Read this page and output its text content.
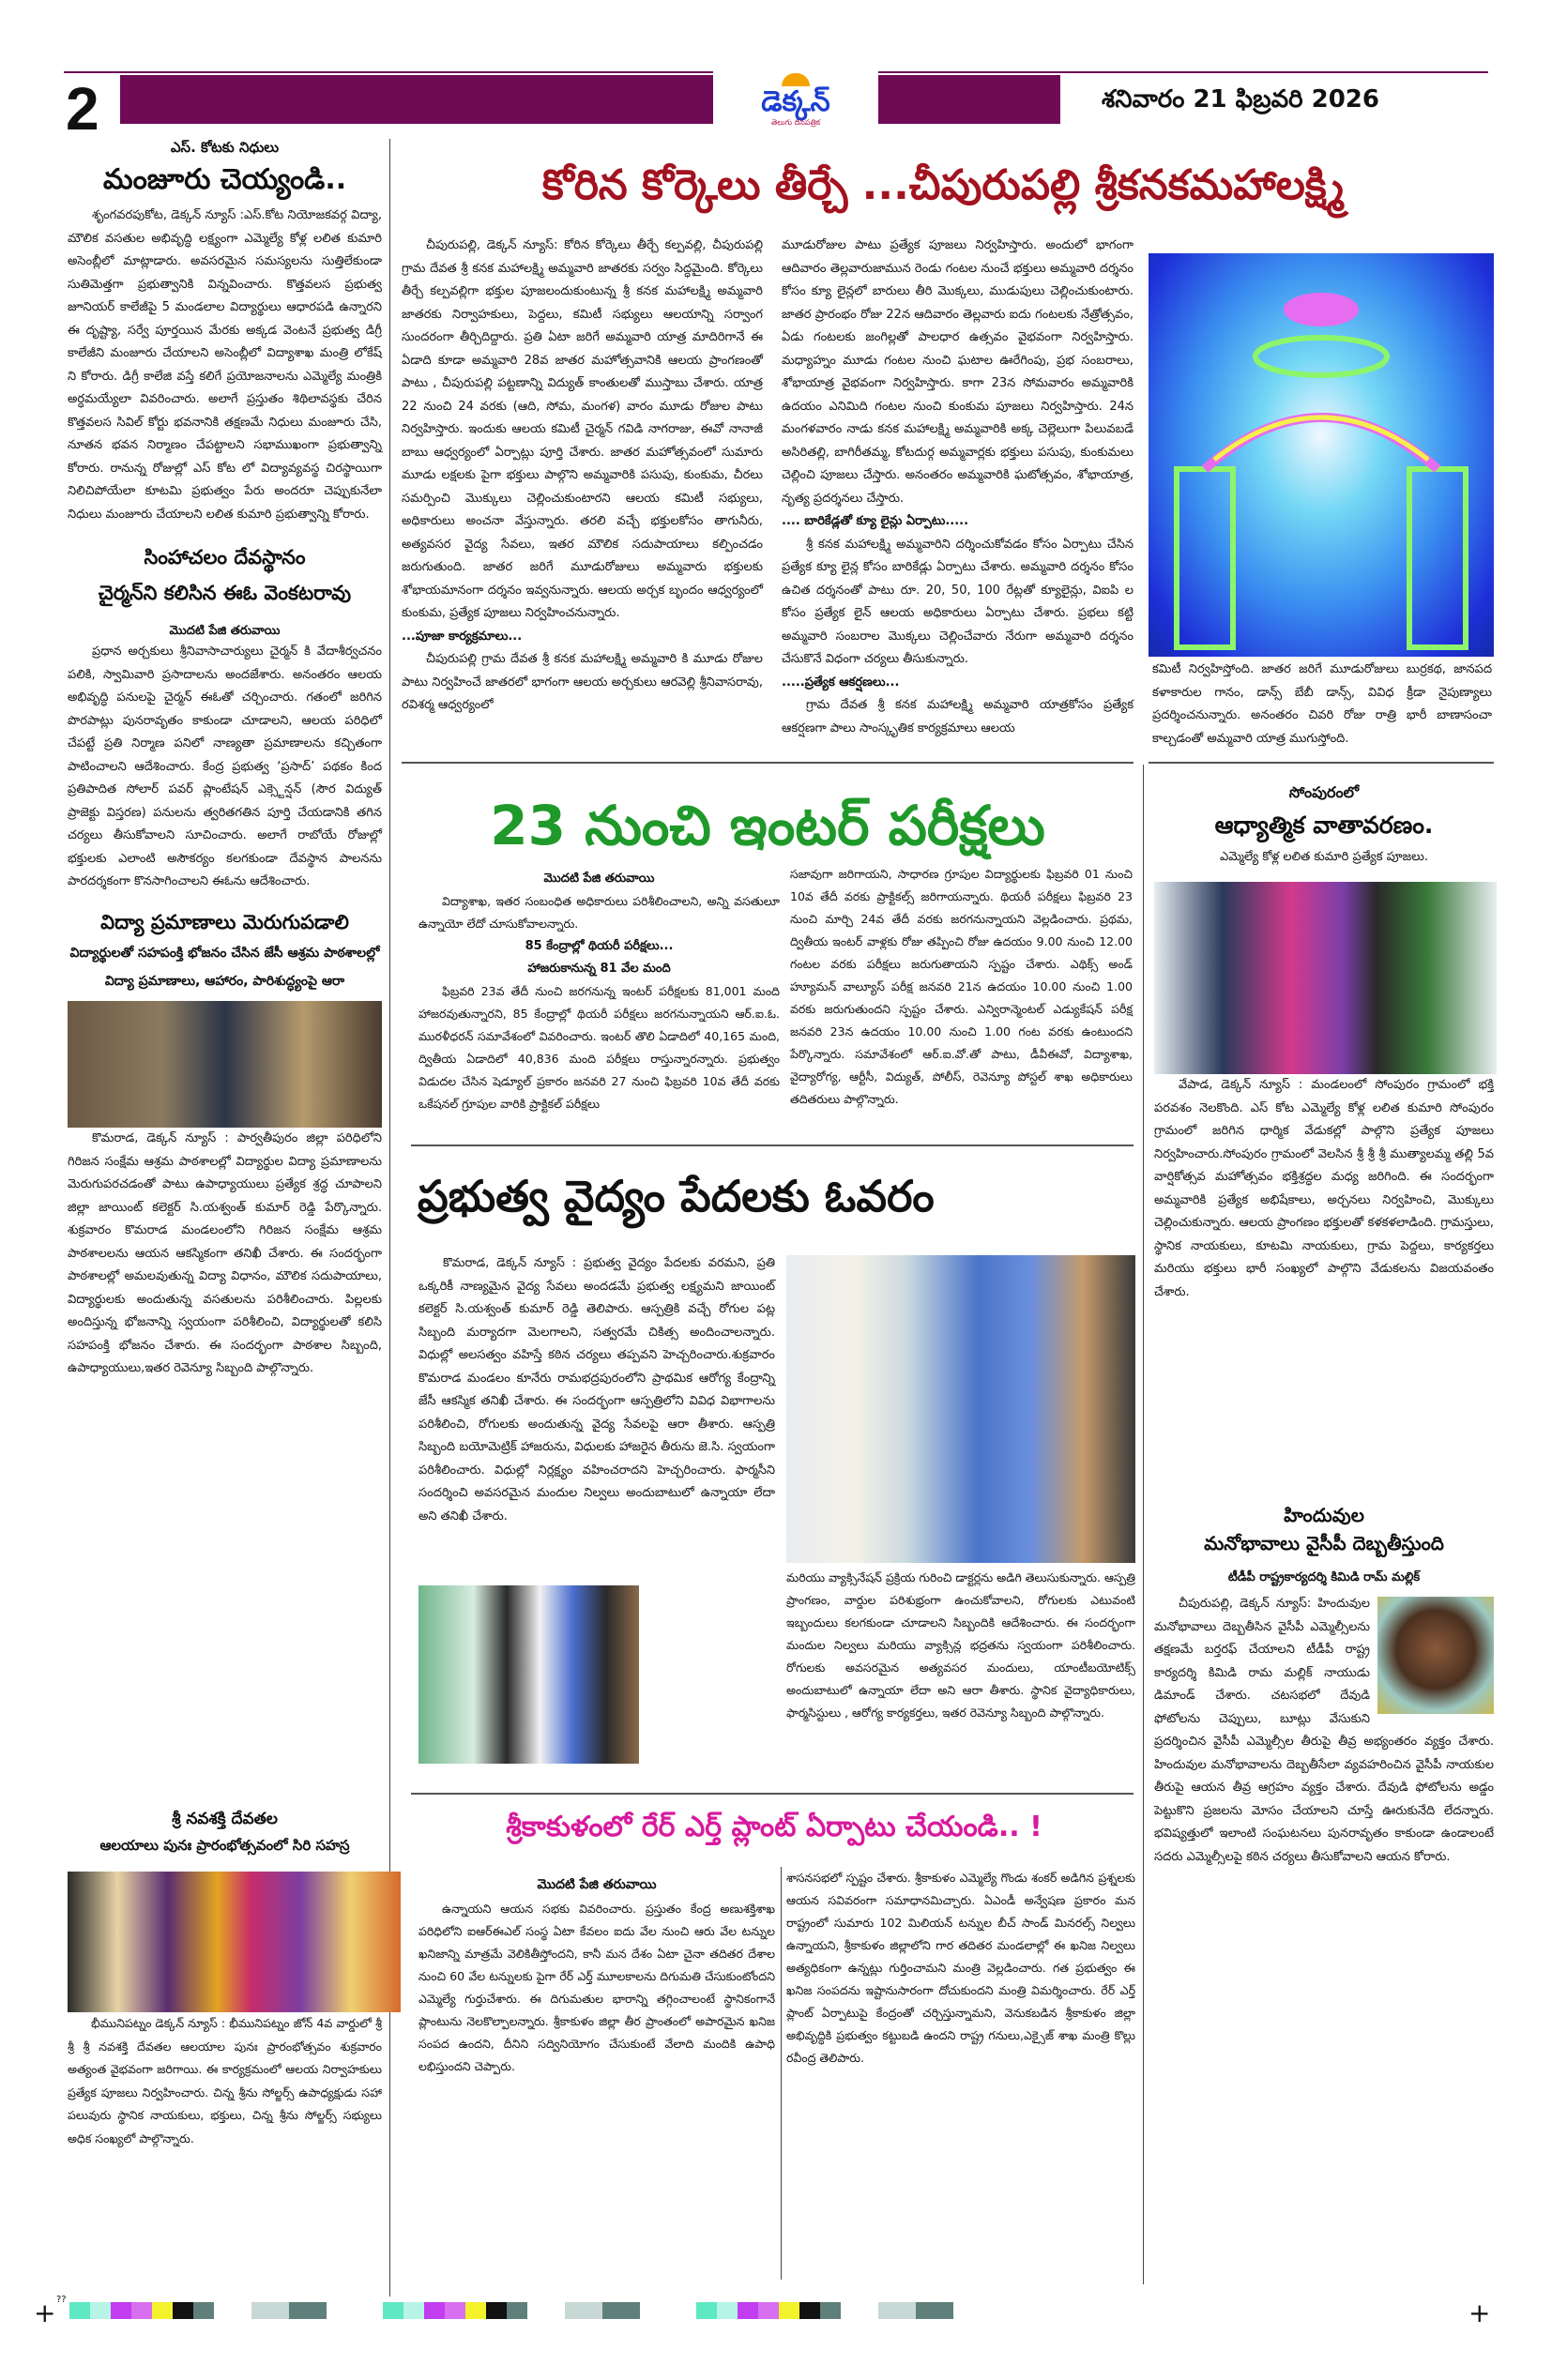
2	డెక్కన్
తెలుగు దినపత్రిక
శనివారం 21 ఫిబ్రవరి 2026
ఎస్. కోటకు నిధులు
మంజూరు చెయ్యండి..

శృంగవరపుకోట, డెక్కన్ న్యూస్ :ఎస్.కోట నియోజకవర్గ విద్యా, మౌలిక వసతుల అభివృద్ధి లక్ష్యంగా ఎమ్మెల్యే కోళ్ల లలిత కుమారి అసెంబ్లీలో మాట్లాడారు. అవసరమైన సమస్యలను సుత్తిలేకుండా సుతిమెత్తగా ప్రభుత్వానికి విన్నవించారు. కొత్తవలస ప్రభుత్వ జూనియర్ కాలేజీపై 5 మండలాల విద్యార్థులు ఆధారపడి ఉన్నారని ఈ దృష్ట్యా, సర్వే పూర్తయిన మేరకు అక్కడ వెంటనే ప్రభుత్వ డిగ్రీ కాలేజీని మంజూరు చేయాలని అసెంబ్లీలో విద్యాశాఖ మంత్రి లోకేష్ ని కోరారు. డిగ్రీ కాలేజి వస్తే కలిగే ప్రయోజనాలను ఎమ్మెల్యే మంత్రికి అర్ధమయ్యేలా వివరించారు. అలాగే ప్రస్తుతం శిథిలావస్థకు చేరిన కొత్తవలస సివిల్ కోర్టు భవనానికి తక్షణమే నిధులు మంజూరు చేసి, నూతన భవన నిర్మాణం చేపట్టాలని సభాముఖంగా ప్రభుత్వాన్ని కోరారు. రానున్న రోజుల్లో ఎస్ కోట లో విద్యావ్యవస్థ చిరస్థాయిగా నిలిచిపోయేలా కూటమి ప్రభుత్వం పేరు అందరూ చెప్పుకునేలా నిధులు మంజూరు చేయాలని లలిత కుమారి ప్రభుత్వాన్ని కోరారు.

సింహాచలం దేవస్థానం
చైర్మన్‌ని కలిసిన ఈఓ వెంకటరావు
మొదటి పేజి తరువాయి

ప్రధాన అర్చకులు శ్రీనివాసాచార్యులు చైర్మన్ కి వేదాశీర్వచనం పలికి, స్వామివారి ప్రసాదాలను అందజేశారు. అనంతరం ఆలయ అభివృద్ధి పనులపై చైర్మన్ ఈఓతో చర్చించారు. గతంలో జరిగిన పొరపాట్లు పునరావృతం కాకుండా చూడాలని, ఆలయ పరిధిలో చేపట్టే ప్రతి నిర్మాణ పనిలో నాణ్యతా ప్రమాణాలను కచ్చితంగా పాటించాలని ఆదేశించారు. కేంద్ర ప్రభుత్వ ‘ప్రసాద్’ పథకం కింద ప్రతిపాదిత సోలార్ పవర్ ప్లాంటేషన్ ఎక్స్టెన్షన్ (సౌర విద్యుత్ ప్రాజెక్టు విస్తరణ) పనులను త్వరితగతిన పూర్తి చేయడానికి తగిన చర్యలు తీసుకోవాలని సూచించారు. అలాగే రాబోయే రోజుల్లో భక్తులకు ఎలాంటి అసౌకర్యం కలగకుండా దేవస్థాన పాలనను పారదర్శకంగా కొనసాగించాలని ఈఓను ఆదేశించారు.

విద్యా ప్రమాణాలు మెరుగుపడాలి
విద్యార్థులతో సహపంక్తి భోజనం చేసిన జేసీ ఆశ్రమ పాఠశాలల్లో విద్యా ప్రమాణాలు, ఆహారం, పారిశుద్ధ్యంపై ఆరా

కొమరాడ, డెక్కన్ న్యూస్ : పార్వతీపురం జిల్లా పరిధిలోని గిరిజన సంక్షేమ ఆశ్రమ పాఠశాలల్లో విద్యార్థుల విద్యా ప్రమాణాలను మెరుగుపరచడంతో పాటు ఉపాధ్యాయులు ప్రత్యేక శ్రద్ధ చూపాలని జిల్లా జాయింట్ కలెక్టర్ సి.యశ్వంత్ కుమార్ రెడ్డి పేర్కొన్నారు. శుక్రవారం కొమరాడ మండలంలోని గిరిజన సంక్షేమ ఆశ్రమ పాఠశాలలను ఆయన ఆకస్మికంగా తనిఖీ చేశారు. ఈ సందర్భంగా పాఠశాలల్లో అమలవుతున్న విద్యా విధానం, మౌలిక సదుపాయాలు, విద్యార్థులకు అందుతున్న వసతులను పరిశీలించారు. పిల్లలకు అందిస్తున్న భోజనాన్ని స్వయంగా పరిశీలించి, విద్యార్థులతో కలిసి సహపంక్తి భోజనం చేశారు. ఈ సందర్భంగా పాఠశాల సిబ్బంది, ఉపాధ్యాయులు,ఇతర రెవెన్యూ సిబ్బంది పాల్గొన్నారు.

శ్రీ నవశక్తి దేవతల
ఆలయాలు పునః ప్రారంభోత్సవంలో సిరి సహస్ర

భీమునిపట్నం డెక్కన్ న్యూస్ : భీమునిపట్నం జోన్ 4వ వార్డులో శ్రీ శ్రీ శ్రీ నవశక్తి దేవతల ఆలయాల పునః ప్రారంభోత్సవం శుక్రవారం అత్యంత వైభవంగా జరిగాయి. ఈ కార్యక్రమంలో ఆలయ నిర్వాహకులు ప్రత్యేక పూజలు నిర్వహించారు. చిన్న శ్రీను సోల్జర్స్ ఉపాధ్యక్షుడు సహా పలువురు స్థానిక నాయకులు, భక్తులు, చిన్న శ్రీను సోల్జర్స్ సభ్యులు అధిక సంఖ్యలో పాల్గొన్నారు.

కోరిన కోర్కెలు తీర్చే ...చీపురుపల్లి శ్రీకనకమహాలక్ష్మి

చీపురుపల్లి, డెక్కన్ న్యూస్: కోరిన కోర్కెలు తీర్చే కల్పవల్లి, చీపురుపల్లి గ్రామ దేవత శ్రీ కనక మహాలక్ష్మి అమ్మవారి జాతరకు సర్వం సిద్ధమైంది. కోర్కెలు తీర్చే కల్పవల్లిగా భక్తుల పూజలందుకుంటున్న శ్రీ కనక మహాలక్ష్మి అమ్మవారి జాతరకు నిర్వాహకులు, పెద్దలు, కమిటీ సభ్యులు ఆలయాన్ని సర్వాంగ సుందరంగా తీర్చిదిద్దారు. ప్రతి ఏటా జరిగే అమ్మవారి యాత్ర మాదిరిగానే ఈ ఏడాది కూడా అమ్మవారి 28వ జాతర మహోత్సవానికి ఆలయ ప్రాంగణంతో పాటు , చీపురుపల్లి పట్టణాన్ని విద్యుత్ కాంతులతో ముస్తాబు చేశారు. యాత్ర 22 నుంచి 24 వరకు (ఆది, సోమ, మంగళ) వారం మూడు రోజుల పాటు నిర్వహిస్తారు. ఇందుకు ఆలయ కమిటీ చైర్మన్ గవిడి నాగరాజు, ఈవో నానాజీ బాబు ఆధ్వర్యంలో ఏర్పాట్లు పూర్తి చేశారు. జాతర మహోత్సవంలో సుమారు మూడు లక్షలకు పైగా భక్తులు పాల్గొని అమ్మవారికి పసుపు, కుంకుమ, చీరలు సమర్పించి మొక్కులు చెల్లించుకుంటారని ఆలయ కమిటీ సభ్యులు, అధికారులు అంచనా వేస్తున్నారు. తరలి వచ్చే భక్తులకోసం తాగునీరు, అత్యవసర వైద్య సేవలు, ఇతర మౌలిక సదుపాయాలు కల్పించడం జరుగుతుంది. జాతర జరిగే మూడురోజులు అమ్మవారు భక్తులకు శోభాయమానంగా దర్శనం ఇవ్వనున్నారు. ఆలయ అర్చక బృందం ఆధ్వర్యంలో కుంకుమ, ప్రత్యేక పూజలు నిర్వహించనున్నారు.

...పూజా కార్యక్రమాలు...

చీపురుపల్లి గ్రామ దేవత శ్రీ కనక మహాలక్ష్మి అమ్మవారి కి మూడు రోజుల పాటు నిర్వహించే జాతరలో భాగంగా ఆలయ అర్చకులు ఆరవెల్లి శ్రీనివాసరావు, రవిశర్మ ఆధ్వర్యంలో

మూడురోజుల పాటు ప్రత్యేక పూజలు నిర్వహిస్తారు. అందులో భాగంగా ఆదివారం తెల్లవారుజామున రెండు గంటల నుంచే భక్తులు అమ్మవారి దర్శనం కోసం క్యూ లైన్లలో బారులు తీరి మొక్కలు, ముడుపులు చెల్లించుకుంటారు. జాతర ప్రారంభం రోజు 22న ఆదివారం తెల్లవారు ఐదు గంటలకు నేత్రోత్సవం, ఏడు గంటలకు జంగిల్లతో పాలధార ఉత్సవం వైభవంగా నిర్వహిస్తారు. మధ్యాహ్నం మూడు గంటల నుంచి ఘటాల ఊరేగింపు, ప్రభ సంబరాలు, శోభాయాత్ర వైభవంగా నిర్వహిస్తారు. కాగా 23న సోమవారం అమ్మవారికి ఉదయం ఎనిమిది గంటల నుంచి కుంకుమ పూజలు నిర్వహిస్తారు. 24న మంగళవారం నాడు కనక మహాలక్ష్మి అమ్మవారికి అక్క చెల్లెలుగా పిలువబడే అసిరితల్లి, బాగిరీతమ్మ, కోటదుర్గ అమ్మవార్లకు భక్తులు పసుపు, కుంకుమలు చెల్లించి పూజలు చేస్తారు. అనంతరం అమ్మవారికి ఘటోత్సవం, శోభాయాత్ర, నృత్య ప్రదర్శనలు చేస్తారు.

.... బారికేడ్లతో క్యూ లైన్లు ఏర్పాటు.....

శ్రీ కనక మహాలక్ష్మి అమ్మవారిని దర్శించుకోవడం కోసం ఏర్పాటు చేసిన ప్రత్యేక క్యూ లైన్ల కోసం బారికేడ్లు ఏర్పాటు చేశారు. అమ్మవారి దర్శనం కోసం ఉచిత దర్శనంతో పాటు రూ. 20, 50, 100 రేట్లతో క్యూలైన్లు, విఐపి ల కోసం ప్రత్యేక లైన్ ఆలయ అధికారులు ఏర్పాటు చేశారు. ప్రభలు కట్టి అమ్మవారి సంబరాల మొక్కలు చెల్లించేవారు నేరుగా అమ్మవారి దర్శనం చేసుకొనే విధంగా చర్యలు తీసుకున్నారు.

.....ప్రత్యేక ఆకర్షణలు...

గ్రామ దేవత శ్రీ కనక మహాలక్ష్మి అమ్మవారి యాత్రకోసం ప్రత్యేక ఆకర్షణగా పాలు సాంస్కృతిక కార్యక్రమాలు ఆలయ

కమిటీ నిర్వహిస్తోంది. జాతర జరిగే మూడురోజులు బుర్రకథ, జానపద కళాకారుల గానం, డాన్స్ బేబీ డాన్స్, వివిధ క్రీడా నైపుణ్యాలు ప్రదర్శించనున్నారు. అనంతరం చివరి రోజు రాత్రి భారీ బాణాసంచా కాల్చడంతో అమ్మవారి యాత్ర ముగుస్తోంది.

23 నుంచి ఇంటర్ పరీక్షలు
మొదటి పేజి తరువాయి

విద్యాశాఖ, ఇతర సంబంధిత అధికారులు పరిశీలించాలని, అన్ని వసతులూ ఉన్నాయో లేదో చూసుకోవాలన్నారు.

85 కేంద్రాల్లో థియరీ పరీక్షలు...
హాజరుకానున్న 81 వేల మంది

ఫిబ్రవరి 23వ తేదీ నుంచి జరగనున్న ఇంటర్ పరీక్షలకు 81,001 మంది హాజరవుతున్నారని, 85 కేంద్రాల్లో థియరీ పరీక్షలు జరగనున్నాయని ఆర్.ఐ.ఓ. మురళీధరన్ సమావేశంలో వివరించారు. ఇంటర్ తొలి ఏడాదిలో 40,165 మంది, ద్వితీయ ఏడాదిలో 40,836 మంది పరీక్షలు రాస్తున్నారన్నారు. ప్రభుత్వం విడుదల చేసిన షెడ్యూల్ ప్రకారం జనవరి 27 నుంచి ఫిబ్రవరి 10వ తేదీ వరకు ఒకేషనల్ గ్రూపుల వారికి ప్రాక్టికల్ పరీక్షలు

సజావుగా జరిగాయని, సాధారణ గ్రూపుల విద్యార్థులకు ఫిబ్రవరి 01 నుంచి 10వ తేదీ వరకు ప్రాక్టికల్స్ జరిగాయన్నారు. థియరీ పరీక్షలు ఫిబ్రవరి 23 నుంచి మార్చి 24వ తేదీ వరకు జరగనున్నాయని వెల్లడించారు. ప్రథమ, ద్వితీయ ఇంటర్ వాళ్లకు రోజు తప్పించి రోజు ఉదయం 9.00 నుంచి 12.00 గంటల వరకు పరీక్షలు జరుగుతాయని స్పష్టం చేశారు. ఎథిక్స్ అండ్ హ్యూమన్ వాల్యూస్ పరీక్ష జనవరి 21న ఉదయం 10.00 నుంచి 1.00 వరకు జరుగుతుందని స్పష్టం చేశారు. ఎన్విరాన్మెంటల్ ఎడ్యుకేషన్ పరీక్ష జనవరి 23న ఉదయం 10.00 నుంచి 1.00 గంట వరకు ఉంటుందని పేర్కొన్నారు. సమావేశంలో ఆర్.ఐ.వో.తో పాటు, డీవీఈవో, విద్యాశాఖ, వైద్యారోగ్య, ఆర్టీసీ, విద్యుత్, పోలీస్, రెవెన్యూ పోస్టల్ శాఖ అధికారులు తదితరులు పాల్గొన్నారు.

ప్రభుత్వ వైద్యం పేదలకు ఓవరం

కొమరాడ, డెక్కన్ న్యూస్ : ప్రభుత్వ వైద్యం పేదలకు వరమని, ప్రతి ఒక్కరికీ నాణ్యమైన వైద్య సేవలు అందడమే ప్రభుత్వ లక్ష్యమని జాయింట్ కలెక్టర్ సి.యశ్వంత్ కుమార్ రెడ్డి తెలిపారు. ఆస్పత్రికి వచ్చే రోగుల పట్ల సిబ్బంది మర్యాదగా మెలగాలని, సత్వరమే చికిత్స అందించాలన్నారు. విధుల్లో అలసత్వం వహిస్తే కఠిన చర్యలు తప్పవని హెచ్చరించారు.శుక్రవారం కొమరాడ మండలం కూనేరు రామభద్రపురంలోని ప్రాథమిక ఆరోగ్య కేంద్రాన్ని జేసీ ఆకస్మిక తనిఖీ చేశారు. ఈ సందర్భంగా ఆస్పత్రిలోని వివిధ విభాగాలను పరిశీలించి, రోగులకు అందుతున్న వైద్య సేవలపై ఆరా తీశారు. ఆస్పత్రి సిబ్బంది బయోమెట్రిక్ హాజరును, విధులకు హాజరైన తీరును జె.సి. స్వయంగా పరిశీలించారు. విధుల్లో నిర్లక్ష్యం వహించరాదని హెచ్చరించారు. ఫార్మసీని సందర్శించి అవసరమైన మందుల నిల్వలు అందుబాటులో ఉన్నాయా లేదా అని తనిఖీ చేశారు.

మరియు వ్యాక్సినేషన్ ప్రక్రియ గురించి డాక్టర్లను అడిగి తెలుసుకున్నారు. ఆస్పత్రి ప్రాంగణం, వార్డుల పరిశుభ్రంగా ఉంచుకోవాలని, రోగులకు ఎటువంటి ఇబ్బందులు కలగకుండా చూడాలని సిబ్బందికి ఆదేశించారు. ఈ సందర్భంగా మందుల నిల్వలు మరియు వ్యాక్సిన్ల భద్రతను స్వయంగా పరిశీలించారు. రోగులకు అవసరమైన అత్యవసర మందులు, యాంటీబయోటిక్స్ అందుబాటులో ఉన్నాయా లేదా అని ఆరా తీశారు. స్థానిక వైద్యాధికారులు, ఫార్మసిస్టులు , ఆరోగ్య కార్యకర్తలు, ఇతర రెవెన్యూ సిబ్బంది పాల్గొన్నారు.

శ్రీకాకుళంలో రేర్ ఎర్త్ ప్లాంట్ ఏర్పాటు చేయండి.. !
మొదటి పేజి తరువాయి

ఉన్నాయని ఆయన సభకు వివరించారు. ప్రస్తుతం కేంద్ర అణుశక్తిశాఖ పరిధిలోని ఐఆర్ఈఎల్ సంస్థ ఏటా కేవలం ఐదు వేల నుంచి ఆరు వేల టన్నుల ఖనిజాన్ని మాత్రమే వెలికితీస్తోందని, కానీ మన దేశం ఏటా చైనా తదితర దేశాల నుంచి 60 వేల టన్నులకు పైగా రేర్ ఎర్త్ మూలకాలను దిగుమతి చేసుకుంటోందని ఎమ్మెల్యే గుర్తుచేశారు. ఈ దిగుమతుల భారాన్ని తగ్గించాలంటే స్థానికంగానే ప్లాంటును నెలకొల్పాలన్నారు. శ్రీకాకుళం జిల్లా తీర ప్రాంతంలో అపారమైన ఖనిజ సంపద ఉందని, దీనిని సద్వినియోగం చేసుకుంటే వేలాది మందికి ఉపాధి లభిస్తుందని చెప్పారు.

శాసనసభలో స్పష్టం చేశారు. శ్రీకాకుళం ఎమ్మెల్యే గొండు శంకర్ అడిగిన ప్రశ్నలకు ఆయన సవివరంగా సమాధానమిచ్చారు. ఏఎండీ అన్వేషణ ప్రకారం మన రాష్ట్రంలో సుమారు 102 మిలియన్ టన్నుల బీచ్ సాండ్ మినరల్స్ నిల్వలు ఉన్నాయని, శ్రీకాకుళం జిల్లాలోని గార తదితర మండలాల్లో ఈ ఖనిజ నిల్వలు అత్యధికంగా ఉన్నట్లు గుర్తించామని మంత్రి వెల్లడించారు. గత ప్రభుత్వం ఈ ఖనిజ సంపదను ఇష్టానుసారంగా దోచుకుందని మంత్రి విమర్శించారు. రేర్ ఎర్త్ ప్లాంట్ ఏర్పాటుపై కేంద్రంతో చర్చిస్తున్నామని, వెనుకబడిన శ్రీకాకుళం జిల్లా అభివృద్ధికి ప్రభుత్వం కట్టుబడి ఉందని రాష్ట్ర గనులు,ఎక్సైజ్ శాఖ మంత్రి కొల్లు రవీంద్ర తెలిపారు.

సోంపురంలో
ఆధ్యాత్మిక వాతావరణం.
ఎమ్మెల్యే కోళ్ల లలిత కుమారి ప్రత్యేక పూజలు.

వేపాడ, డెక్కన్ న్యూస్ : మండలంలో సోంపురం గ్రామంలో భక్తి పరవశం నెలకొంది. ఎస్ కోట ఎమ్మెల్యే కోళ్ల లలిత కుమారి సోంపురం గ్రామంలో జరిగిన ధార్మిక వేడుకల్లో పాల్గొని ప్రత్యేక పూజలు నిర్వహించారు.సోంపురం గ్రామంలో వెలసిన శ్రీ శ్రీ శ్రీ ముత్యాలమ్మ తల్లి 5వ వార్షికోత్సవ మహోత్సవం భక్తిశ్రద్ధల మధ్య జరిగింది. ఈ సందర్భంగా అమ్మవారికి ప్రత్యేక అభిషేకాలు, అర్చనలు నిర్వహించి, మొక్కులు చెల్లించుకున్నారు. ఆలయ ప్రాంగణం భక్తులతో కళకళలాడింది. గ్రామస్తులు, స్థానిక నాయకులు, కూటమి నాయకులు, గ్రామ పెద్దలు, కార్యకర్తలు మరియు భక్తులు భారీ సంఖ్యలో పాల్గొని వేడుకలను విజయవంతం చేశారు.

హిందువుల
మనోభావాలు వైసీపీ దెబ్బతీస్తుంది
టీడీపీ రాష్ట్రకార్యదర్శి కిమిడి రామ్ మల్లిక్

చీపురుపల్లి, డెక్కన్ న్యూస్: హిందువుల మనోభావాలు దెబ్బతీసిన వైసీపీ ఎమ్మెల్సీలను తక్షణమే బర్తరఫ్ చేయాలని టీడీపీ రాష్ట్ర కార్యదర్శి కిమిడి రామ మల్లిక్ నాయుడు డిమాండ్ చేశారు. చటసభలో దేవుడి ఫోటోలను చెప్పులు, బూట్లు వేసుకుని ప్రదర్శించిన వైసీపీ ఎమ్మెల్సీల తీరుపై తీవ్ర అభ్యంతరం వ్యక్తం చేశారు. హిందువుల మనోభావాలను దెబ్బతీసేలా వ్యవహరించిన వైసీపీ నాయకుల తీరుపై ఆయన తీవ్ర ఆగ్రహం వ్యక్తం చేశారు. దేవుడి ఫోటోలను అడ్డం పెట్టుకొని ప్రజలను మోసం చేయాలని చూస్తే ఊరుకునేది లేదన్నారు. భవిష్యత్తులో ఇలాంటి సంఘటనలు పునరావృతం కాకుండా ఉండాలంటే సదరు ఎమ్మెల్సీలపై కఠిన చర్యలు తీసుకోవాలని ఆయన కోరారు.

+ ??	+
